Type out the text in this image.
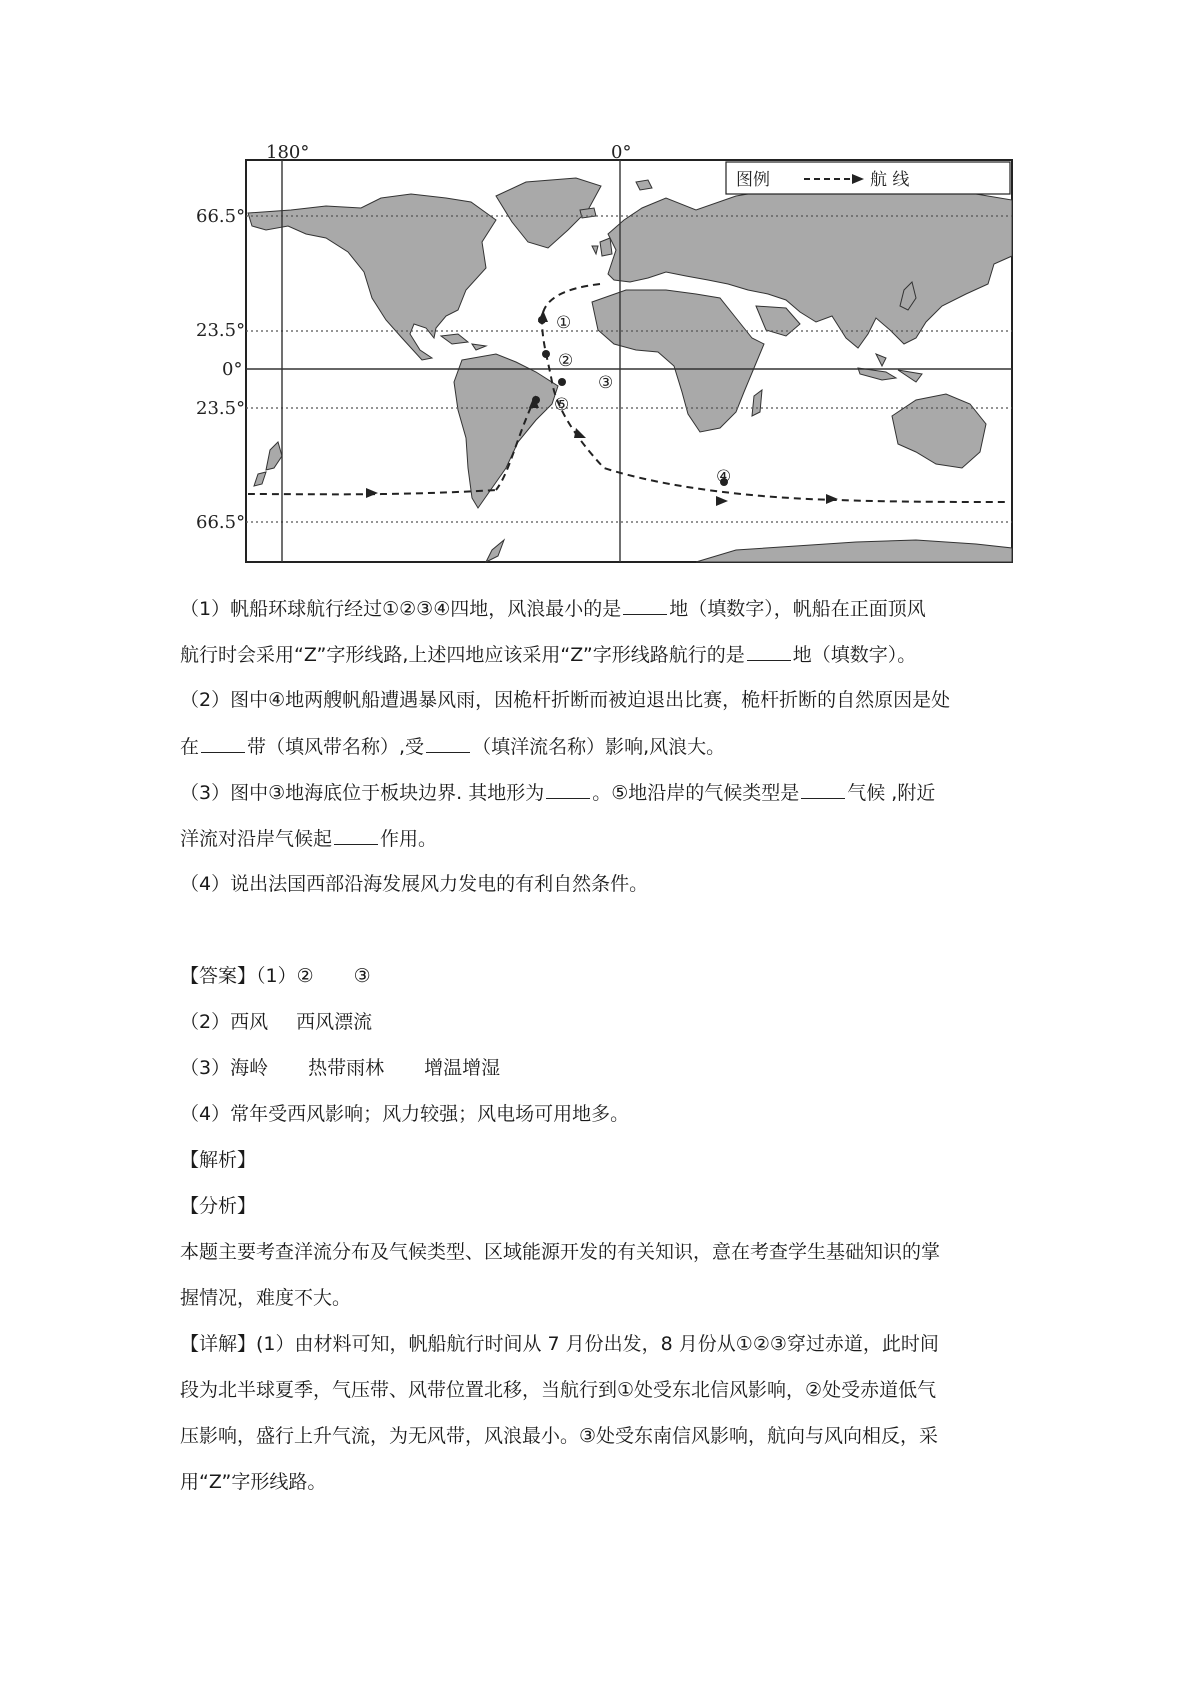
180°	0°
66.5°
23.5°
0°
23.5°
66.5°
图例	航 线
①
②
③
④
⑤
（1）帆船环球航行经过①②③④四地，风浪最小的是	地（填数字），帆船在正面顶风
航行时会采用“Z”字形线路,上述四地应该采用“Z”字形线路航行的是	地（填数字）。
（2）图中④地两艘帆船遭遇暴风雨，因桅杆折断而被迫退出比赛，桅杆折断的自然原因是处
在	带（填风带名称）,受	（填洋流名称）影响,风浪大。
（3）图中③地海底位于板块边界. 其地形为	。⑤地沿岸的气候类型是	气候 ,附近
洋流对沿岸气候起	作用。
（4）说出法国西部沿海发展风力发电的有利自然条件。
【答案】（1）② ③
（2）西风 西风漂流
（3）海岭 热带雨林 增温增湿
（4）常年受西风影响；风力较强；风电场可用地多。
【解析】
【分析】
本题主要考查洋流分布及气候类型、区域能源开发的有关知识，意在考查学生基础知识的掌
握情况，难度不大。
【详解】(1）由材料可知，帆船航行时间从 7 月份出发，8 月份从①②③穿过赤道，此时间
段为北半球夏季，气压带、风带位置北移，当航行到①处受东北信风影响，②处受赤道低气
压影响，盛行上升气流，为无风带，风浪最小。③处受东南信风影响，航向与风向相反，采
用“Z”字形线路。
